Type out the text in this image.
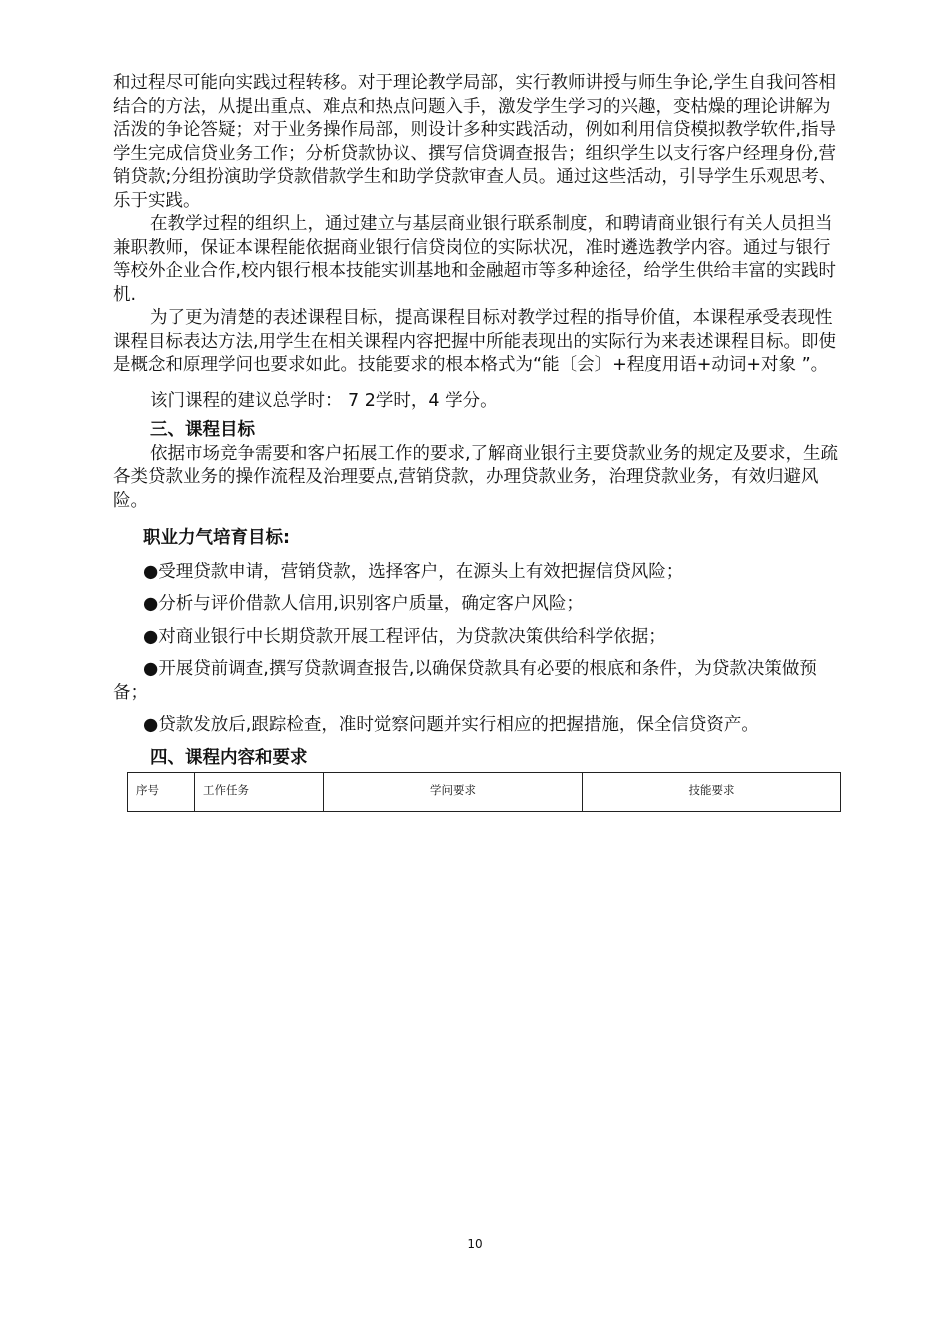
和过程尽可能向实践过程转移。对于理论教学局部，实行教师讲授与师生争论,学生自我问答相结合的方法，从提出重点、难点和热点问题入手，激发学生学习的兴趣，变枯燥的理论讲解为活泼的争论答疑；对于业务操作局部，则设计多种实践活动，例如利用信贷模拟教学软件,指导学生完成信贷业务工作；分析贷款协议、撰写信贷调查报告；组织学生以支行客户经理身份,营销贷款;分组扮演助学贷款借款学生和助学贷款审查人员。通过这些活动，引导学生乐观思考、乐于实践。

在教学过程的组织上，通过建立与基层商业银行联系制度，和聘请商业银行有关人员担当兼职教师，保证本课程能依据商业银行信贷岗位的实际状况，准时遴选教学内容。通过与银行等校外企业合作,校内银行根本技能实训基地和金融超市等多种途径，给学生供给丰富的实践时机.

为了更为清楚的表述课程目标，提高课程目标对教学过程的指导价值，本课程承受表现性课程目标表达方法,用学生在相关课程内容把握中所能表现出的实际行为来表述课程目标。即使是概念和原理学问也要求如此。技能要求的根本格式为“能〔会〕+程度用语+动词+对象 ”。

该门课程的建议总学时： 7 2学时，4 学分。

三、课程目标

依据市场竞争需要和客户拓展工作的要求,了解商业银行主要贷款业务的规定及要求，生疏各类贷款业务的操作流程及治理要点,营销贷款，办理贷款业务，治理贷款业务，有效归避风险。

职业力气培育目标:

●受理贷款申请，营销贷款，选择客户，在源头上有效把握信贷风险；

●分析与评价借款人信用,识别客户质量，确定客户风险；

●对商业银行中长期贷款开展工程评估，为贷款决策供给科学依据；

●开展贷前调查,撰写贷款调查报告,以确保贷款具有必要的根底和条件，为贷款决策做预备；

●贷款发放后,跟踪检查，准时觉察问题并实行相应的把握措施，保全信贷资产。

四、课程内容和要求

序号	工作任务	学问要求	技能要求
10
